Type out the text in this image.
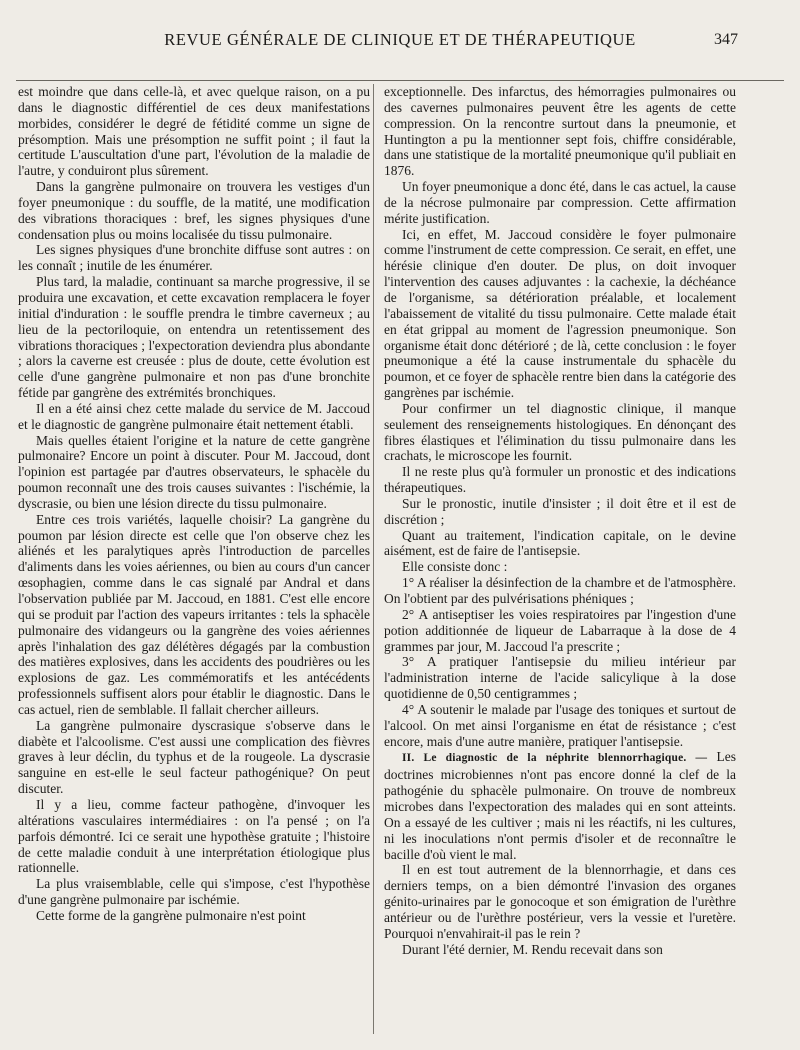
REVUE GÉNÉRALE DE CLINIQUE ET DE THÉRAPEUTIQUE	347

est moindre que dans celle-là, et avec quelque raison, on a pu dans le diagnostic différentiel de ces deux manifestations morbides, considérer le degré de fétidité comme un signe de présomption. Mais une présomption ne suffit point ; il faut la certitude L'auscultation d'une part, l'évolution de la maladie de l'autre, y conduiront plus sûrement.

Dans la gangrène pulmonaire on trouvera les vestiges d'un foyer pneumonique : du souffle, de la matité, une modification des vibrations thoraciques : bref, les signes physiques d'une condensation plus ou moins localisée du tissu pulmonaire.

Les signes physiques d'une bronchite diffuse sont autres : on les connaît ; inutile de les énumérer.

Plus tard, la maladie, continuant sa marche progressive, il se produira une excavation, et cette excavation remplacera le foyer initial d'induration : le souffle prendra le timbre caverneux ; au lieu de la pectoriloquie, on entendra un retentissement des vibrations thoraciques ; l'expectoration deviendra plus abondante ; alors la caverne est creusée : plus de doute, cette évolution est celle d'une gangrène pulmonaire et non pas d'une bronchite fétide par gangrène des extrémités bronchiques.

Il en a été ainsi chez cette malade du service de M. Jaccoud et le diagnostic de gangrène pulmonaire était nettement établi.

Mais quelles étaient l'origine et la nature de cette gangrène pulmonaire? Encore un point à discuter. Pour M. Jaccoud, dont l'opinion est partagée par d'autres observateurs, le sphacèle du poumon reconnaît une des trois causes suivantes : l'ischémie, la dyscrasie, ou bien une lésion directe du tissu pulmonaire.

Entre ces trois variétés, laquelle choisir? La gangrène du poumon par lésion directe est celle que l'on observe chez les aliénés et les paralytiques après l'introduction de parcelles d'aliments dans les voies aériennes, ou bien au cours d'un cancer œsophagien, comme dans le cas signalé par Andral et dans l'observation publiée par M. Jaccoud, en 1881. C'est elle encore qui se produit par l'action des vapeurs irritantes : tels la sphacèle pulmonaire des vidangeurs ou la gangrène des voies aériennes après l'inhalation des gaz délétères dégagés par la combustion des matières explosives, dans les accidents des poudrières ou les explosions de gaz. Les commémoratifs et les antécédents professionnels suffisent alors pour établir le diagnostic. Dans le cas actuel, rien de semblable. Il fallait chercher ailleurs.

La gangrène pulmonaire dyscrasique s'observe dans le diabète et l'alcoolisme. C'est aussi une complication des fièvres graves à leur déclin, du typhus et de la rougeole. La dyscrasie sanguine en est-elle le seul facteur pathogénique? On peut discuter.

Il y a lieu, comme facteur pathogène, d'invoquer les altérations vasculaires intermédiaires : on l'a pensé ; on l'a parfois démontré. Ici ce serait une hypothèse gratuite ; l'histoire de cette maladie conduit à une interprétation étiologique plus rationnelle.

La plus vraisemblable, celle qui s'impose, c'est l'hypothèse d'une gangrène pulmonaire par ischémie.

Cette forme de la gangrène pulmonaire n'est point

exceptionnelle. Des infarctus, des hémorragies pulmonaires ou des cavernes pulmonaires peuvent être les agents de cette compression. On la rencontre surtout dans la pneumonie, et Huntington a pu la mentionner sept fois, chiffre considérable, dans une statistique de la mortalité pneumonique qu'il publiait en 1876.

Un foyer pneumonique a donc été, dans le cas actuel, la cause de la nécrose pulmonaire par compression. Cette affirmation mérite justification.

Ici, en effet, M. Jaccoud considère le foyer pulmonaire comme l'instrument de cette compression. Ce serait, en effet, une hérésie clinique d'en douter. De plus, on doit invoquer l'intervention des causes adjuvantes : la cachexie, la déchéance de l'organisme, sa détérioration préalable, et localement l'abaissement de vitalité du tissu pulmonaire. Cette malade était en état grippal au moment de l'agression pneumonique. Son organisme était donc détérioré ; de là, cette conclusion : le foyer pneumonique a été la cause instrumentale du sphacèle du poumon, et ce foyer de sphacèle rentre bien dans la catégorie des gangrènes par ischémie.

Pour confirmer un tel diagnostic clinique, il manque seulement des renseignements histologiques. En dénonçant des fibres élastiques et l'élimination du tissu pulmonaire dans les crachats, le microscope les fournit.

Il ne reste plus qu'à formuler un pronostic et des indications thérapeutiques.

Sur le pronostic, inutile d'insister ; il doit être et il est de discrétion ;

Quant au traitement, l'indication capitale, on le devine aisément, est de faire de l'antisepsie.

Elle consiste donc :

1° A réaliser la désinfection de la chambre et de l'atmosphère. On l'obtient par des pulvérisations phéniques ;

2° A antiseptiser les voies respiratoires par l'ingestion d'une potion additionnée de liqueur de Labarraque à la dose de 4 grammes par jour, M. Jaccoud l'a prescrite ;

3° A pratiquer l'antisepsie du milieu intérieur par l'administration interne de l'acide salicylique à la dose quotidienne de 0,50 centigrammes ;

4° A soutenir le malade par l'usage des toniques et surtout de l'alcool. On met ainsi l'organisme en état de résistance ; c'est encore, mais d'une autre manière, pratiquer l'antisepsie.

II. Le diagnostic de la néphrite blennorrhagique. — Les doctrines microbiennes n'ont pas encore donné la clef de la pathogénie du sphacèle pulmonaire. On trouve de nombreux microbes dans l'expectoration des malades qui en sont atteints. On a essayé de les cultiver ; mais ni les réactifs, ni les cultures, ni les inoculations n'ont permis d'isoler et de reconnaître le bacille d'où vient le mal.

Il en est tout autrement de la blennorrhagie, et dans ces derniers temps, on a bien démontré l'invasion des organes génito-urinaires par le gonocoque et son émigration de l'urèthre antérieur ou de l'urèthre postérieur, vers la vessie et l'uretère. Pourquoi n'envahirait-il pas le rein ?

Durant l'été dernier, M. Rendu recevait dans son
